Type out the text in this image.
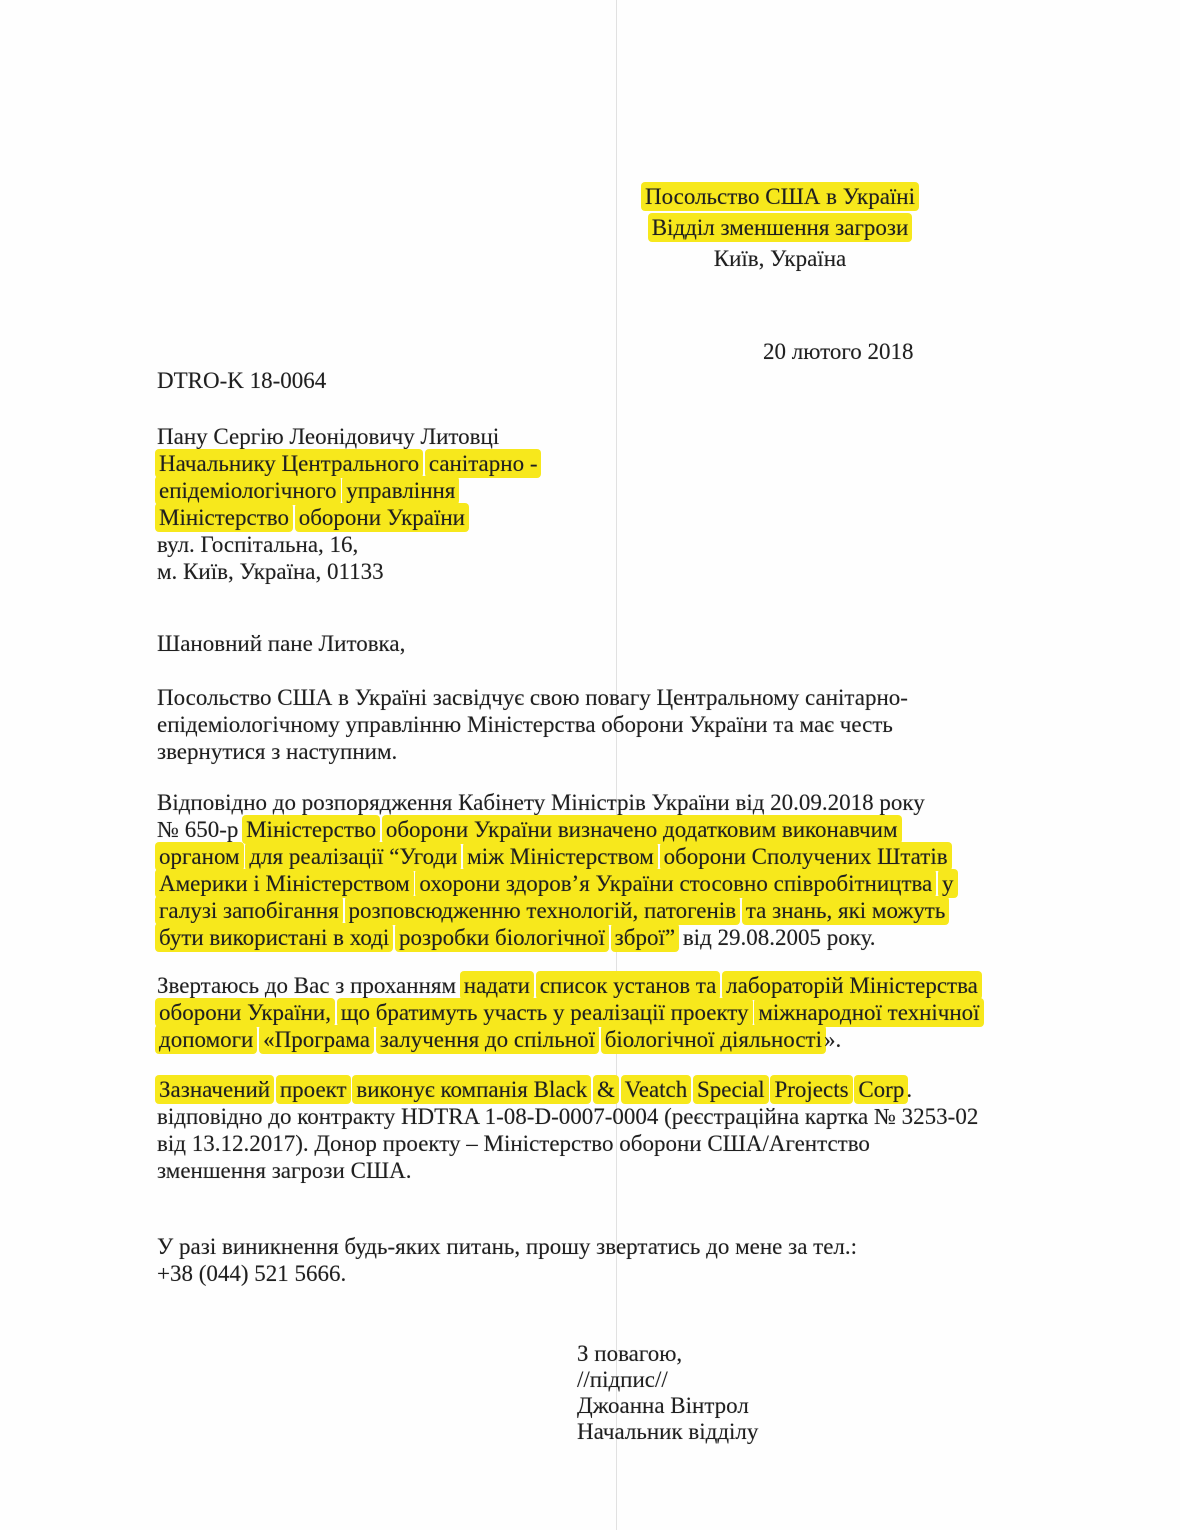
Посольство США в Україні
Відділ зменшення загрози
Київ, Україна
20 лютого 2018
DTRO-K 18-0064
Пану Сергію Леонідовичу Литовці
Начальнику Центрального санітарно -
епідеміологічного управління
Міністерство оборони України
вул. Госпітальна, 16,
м. Київ, Україна, 01133
Шановний пане Литовка,
Посольство США в Україні засвідчує свою повагу Центральному санітарно-
епідеміологічному управлінню Міністерства оборони України та має честь
звернутися з наступним.
Відповідно до розпорядження Кабінету Міністрів України від 20.09.2018 року
№ 650-р Міністерство оборони України визначено додатковим виконавчим
органом для реалізації “Угоди між Міністерством оборони Сполучених Штатів
Америки і Міністерством охорони здоров’я України стосовно співробітництва у
галузі запобігання розповсюдженню технологій, патогенів та знань, які можуть
бути використані в ході розробки біологічної зброї” від 29.08.2005 року.
Звертаюсь до Вас з проханням надати список установ та лабораторій Міністерства
оборони України, що братимуть участь у реалізації проекту міжнародної технічної
допомоги «Програма залучення до спільної біологічної діяльності».
Зазначений проект виконує компанія Black & Veatch Special Projects Corp.
відповідно до контракту HDTRA 1-08-D-0007-0004 (реєстраційна картка № 3253-02
від 13.12.2017). Донор проекту – Міністерство оборони США/Агентство
зменшення загрози США.
У разі виникнення будь-яких питань, прошу звертатись до мене за тел.:
+38 (044) 521 5666.
З повагою,
//підпис//
Джоанна Вінтрол
Начальник відділу
